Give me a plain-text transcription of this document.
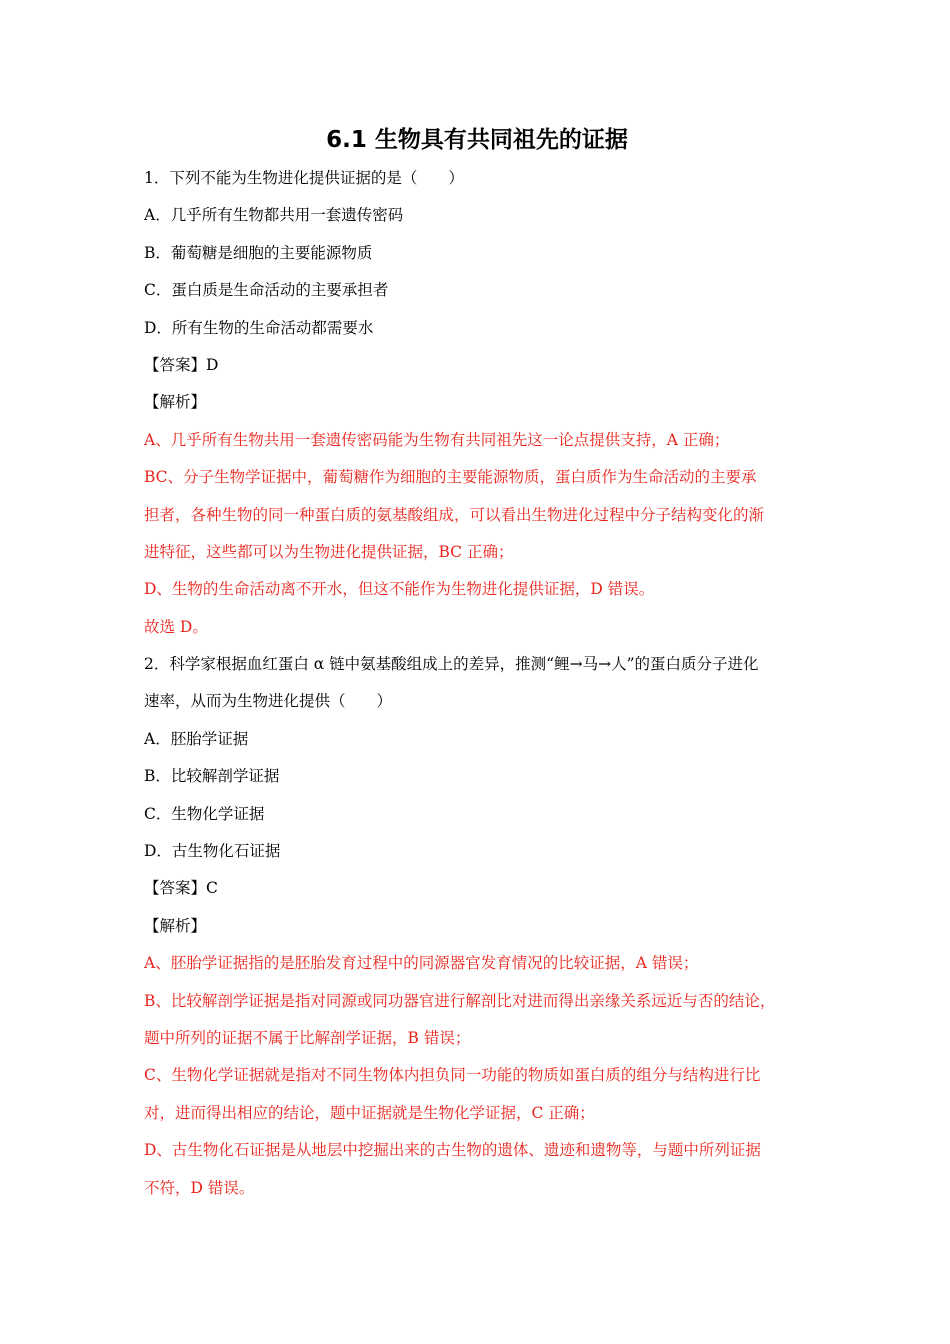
6.1 生物具有共同祖先的证据
1．下列不能为生物进化提供证据的是（　　）
A．几乎所有生物都共用一套遗传密码
B．葡萄糖是细胞的主要能源物质
C．蛋白质是生命活动的主要承担者
D．所有生物的生命活动都需要水
【答案】D
【解析】
A、几乎所有生物共用一套遗传密码能为生物有共同祖先这一论点提供支持，A 正确；
BC、分子生物学证据中，葡萄糖作为细胞的主要能源物质，蛋白质作为生命活动的主要承
担者，各种生物的同一种蛋白质的氨基酸组成，可以看出生物进化过程中分子结构变化的渐
进特征，这些都可以为生物进化提供证据，BC 正确；
D、生物的生命活动离不开水，但这不能作为生物进化提供证据，D 错误。
故选 D。
2．科学家根据血红蛋白 α 链中氨基酸组成上的差异，推测“鲤→马→人”的蛋白质分子进化
速率，从而为生物进化提供（　　）
A．胚胎学证据
B．比较解剖学证据
C．生物化学证据
D．古生物化石证据
【答案】C
【解析】
A、胚胎学证据指的是胚胎发育过程中的同源器官发育情况的比较证据，A 错误；
B、比较解剖学证据是指对同源或同功器官进行解剖比对进而得出亲缘关系远近与否的结论，
题中所列的证据不属于比解剖学证据，B 错误；
C、生物化学证据就是指对不同生物体内担负同一功能的物质如蛋白质的组分与结构进行比
对，进而得出相应的结论，题中证据就是生物化学证据，C 正确；
D、古生物化石证据是从地层中挖掘出来的古生物的遗体、遗迹和遗物等，与题中所列证据
不符，D 错误。
